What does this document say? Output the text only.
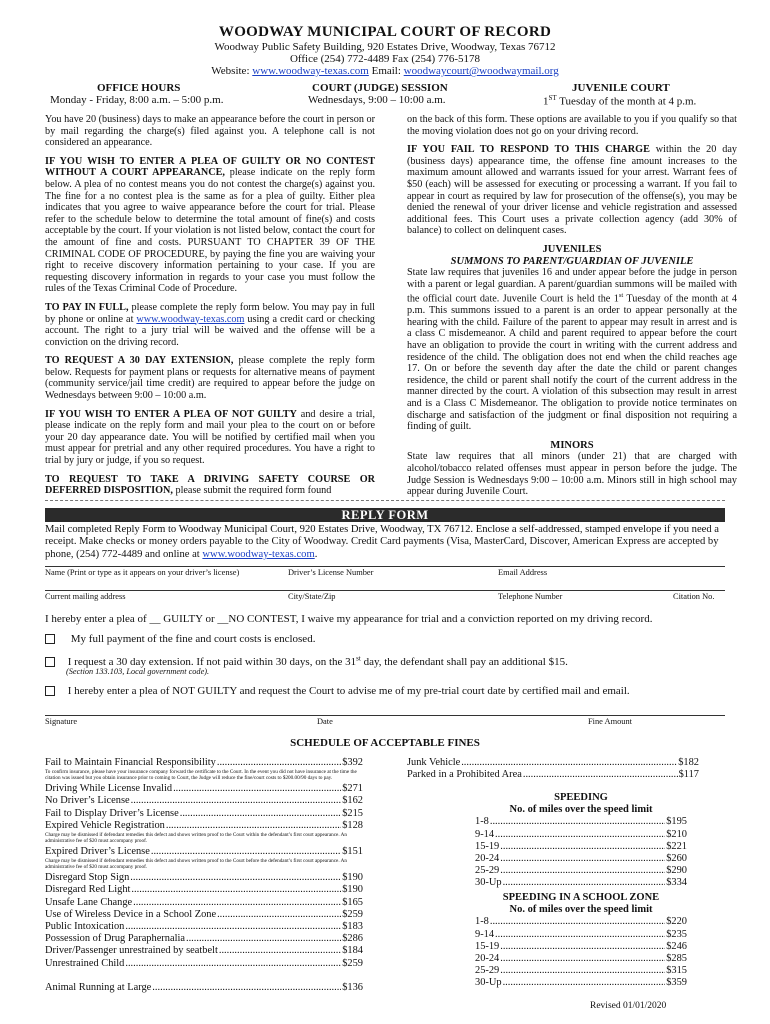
WOODWAY MUNICIPAL COURT OF RECORD
Woodway Public Safety Building, 920 Estates Drive, Woodway, Texas 76712
Office (254) 772-4489 Fax (254) 776-5178
Website: www.woodway-texas.com Email: woodwaycourt@woodwaymail.org
OFFICE HOURS
Monday - Friday, 8:00 a.m. – 5:00 p.m.
COURT (JUDGE) SESSION
Wednesdays, 9:00 – 10:00 a.m.
JUVENILE COURT
1ST Tuesday of the month at 4 p.m.

You have 20 (business) days to make an appearance before the court in person or by mail regarding the charge(s) filed against you. A telephone call is not considered an appearance.

IF YOU WISH TO ENTER A PLEA OF GUILTY OR NO CONTEST WITHOUT A COURT APPEARANCE, please indicate on the reply form below. A plea of no contest means you do not contest the charge(s) against you. The fine for a no contest plea is the same as for a plea of guilty. Either plea indicates that you agree to waive appearance before the court for trial. Please refer to the schedule below to determine the total amount of fine(s) and costs acceptable by the court. If your violation is not listed below, contact the court for the amount of fine and costs. PURSUANT TO CHAPTER 39 OF THE CRIMINAL CODE OF PROCEDURE, by paying the fine you are waiving your right to receive discovery information pertaining to your case. If you are requesting discovery information in regards to your case you must follow the rules of the Texas Criminal Code of Procedure.

TO PAY IN FULL, please complete the reply form below. You may pay in full by phone or online at www.woodway-texas.com using a credit card or checking account. The right to a jury trial will be waived and the offense will be a conviction on the driving record.

TO REQUEST A 30 DAY EXTENSION, please complete the reply form below. Requests for payment plans or requests for alternative means of payment (community service/jail time credit) are required to appear before the judge on Wednesdays between 9:00 – 10:00 a.m.

IF YOU WISH TO ENTER A PLEA OF NOT GUILTY and desire a trial, please indicate on the reply form and mail your plea to the court on or before your 20 day appearance date. You will be notified by certified mail when you must appear for pretrial and any other required procedures. You have a right to trial by jury or judge, if you so request.

TO REQUEST TO TAKE A DRIVING SAFETY COURSE OR DEFERRED DISPOSITION, please submit the required form found

on the back of this form. These options are available to you if you qualify so that the moving violation does not go on your driving record.

IF YOU FAIL TO RESPOND TO THIS CHARGE within the 20 day (business days) appearance time, the offense fine amount increases to the maximum amount allowed and warrants issued for your arrest. Warrant fees of $50 (each) will be assessed for executing or processing a warrant. If you fail to appear in court as required by law for prosecution of the offense(s), you may be denied the renewal of your driver license and vehicle registration and assessed additional fees. This Court uses a private collection agency (add 30% of balance) to collect on delinquent cases.

JUVENILES
SUMMONS TO PARENT/GUARDIAN OF JUVENILE

State law requires that juveniles 16 and under appear before the judge in person with a parent or legal guardian. A parent/guardian summons will be mailed with the official court date. Juvenile Court is held the 1st Tuesday of the month at 4 p.m. This summons issued to a parent is an order to appear personally at the hearing with the child. Failure of the parent to appear may result in arrest and is a class C misdemeanor. A child and parent required to appear before the court have an obligation to provide the court in writing with the current address and residence of the child. The obligation does not end when the child reaches age 17. On or before the seventh day after the date the child or parent changes residence, the child or parent shall notify the court of the current address in the manner directed by the court. A violation of this subsection may result in arrest and is a Class C Misdemeanor. The obligation to provide notice terminates on discharge and satisfaction of the judgment or final disposition not requiring a finding of guilt.

MINORS

State law requires that all minors (under 21) that are charged with alcohol/tobacco related offenses must appear in person before the judge. The Judge Session is Wednesdays 9:00 – 10:00 a.m. Minors still in high school may appear during Juvenile Court.

REPLY FORM
Mail completed Reply Form to Woodway Municipal Court, 920 Estates Drive, Woodway, TX 76712. Enclose a self-addressed, stamped envelope if you need a receipt. Make checks or money orders payable to the City of Woodway. Credit Card payments (Visa, MasterCard, Discover, American Express are accepted by phone, (254) 772-4489 and online at www.woodway-texas.com.
Name (Print or type as it appears on your driver’s license)	Driver’s License Number	Email Address
Current mailing address	City/State/Zip	Telephone Number	Citation No.
I hereby enter a plea of __ GUILTY or __NO CONTEST, I waive my appearance for trial and a conviction reported on my driving record.
My full payment of the fine and court costs is enclosed.
I request a 30 day extension. If not paid within 30 days, on the 31st day, the defendant shall pay an additional $15.
(Section 133.103, Local government code).
I hereby enter a plea of NOT GUILTY and request the Court to advise me of my pre-trial court date by certified mail and email.
Signature	Date	Fine Amount
SCHEDULE OF ACCEPTABLE FINES
Fail to Maintain Financial Responsibility .....	$392
To confirm insurance, please have your insurance company forward the certificate to the Court. In the event you did not have insurance at the time the citation was issued but you obtain insurance prior to coming to Court, the Judge will reduce the fine/court costs to $200.00/90 days to pay.
Driving While License Invalid .....	$271
No Driver’s License .....	$162
Fail to Display Driver’s License .....	$215
Expired Vehicle Registration .....	$128
Charge may be dismissed if defendant remedies this defect and shows written proof to the Court within the defendant’s first court appearance. An administrative fee of $20 must accompany proof.
Expired Driver’s License .....	$151
Charge may be dismissed if defendant remedies this defect and shows written proof to the Court before the defendant’s first court appearance. An administrative fee of $20 must accompany proof.
Disregard Stop Sign .....	$190
Disregard Red Light .....	$190
Unsafe Lane Change .....	$165
Use of Wireless Device in a School Zone .....	$259
Public Intoxication .....	$183
Possession of Drug Paraphernalia .....	$286
Driver/Passenger unrestrained by seatbelt .....	$184
Unrestrained Child .....	$259
Animal Running at Large .....	$136
Junk Vehicle .....	$182
Parked in a Prohibited Area .....	$117
SPEEDING
No. of miles over the speed limit
1-8 .....	$195
9-14 .....	$210
15-19 .....	$221
20-24 .....	$260
25-29 .....	$290
30-Up .....	$334
SPEEDING IN A SCHOOL ZONE
No. of miles over the speed limit
1-8 .....	$220
9-14 .....	$235
15-19 .....	$246
20-24 .....	$285
25-29 .....	$315
30-Up .....	$359
Revised 01/01/2020
